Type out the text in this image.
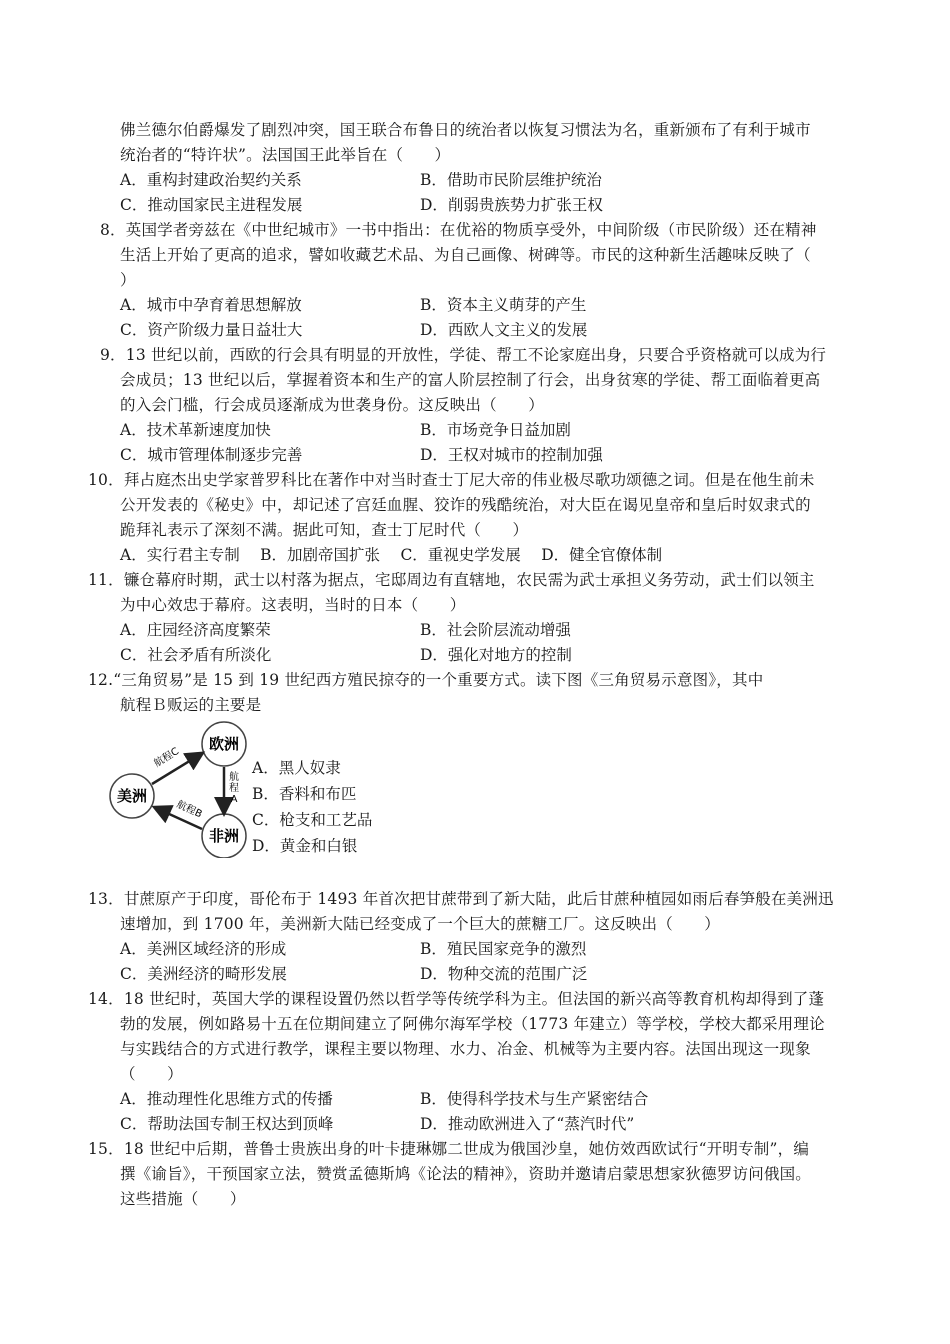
佛兰德尔伯爵爆发了剧烈冲突，国王联合布鲁日的统治者以恢复习惯法为名，重新颁布了有利于城市
统治者的“特许状”。法国国王此举旨在（　　）
A．重构封建政治契约关系	B．借助市民阶层维护统治
C．推动国家民主进程发展	D．削弱贵族势力扩张王权
8．英国学者旁兹在《中世纪城市》一书中指出：在优裕的物质享受外，中间阶级（市民阶级）还在精神
生活上开始了更高的追求，譬如收藏艺术品、为自己画像、树碑等。市民的这种新生活趣味反映了（
）
A．城市中孕育着思想解放	B．资本主义萌芽的产生
C．资产阶级力量日益壮大	D．西欧人文主义的发展
9．13 世纪以前，西欧的行会具有明显的开放性，学徒、帮工不论家庭出身，只要合乎资格就可以成为行
会成员；13 世纪以后，掌握着资本和生产的富人阶层控制了行会，出身贫寒的学徒、帮工面临着更高
的入会门槛，行会成员逐渐成为世袭身份。这反映出（　　）
A．技术革新速度加快	B．市场竞争日益加剧
C．城市管理体制逐步完善	D．王权对城市的控制加强
10．拜占庭杰出史学家普罗科比在著作中对当时查士丁尼大帝的伟业极尽歌功颂德之词。但是在他生前未
公开发表的《秘史》中，却记述了宫廷血腥、狡诈的残酷统治，对大臣在谒见皇帝和皇后时奴隶式的
跪拜礼表示了深刻不满。据此可知，查士丁尼时代（　　）
A．实行君主专制　 B．加剧帝国扩张　 C．重视史学发展　 D．健全官僚体制
11．镰仓幕府时期，武士以村落为据点，宅邸周边有直辖地，农民需为武士承担义务劳动，武士们以领主
为中心效忠于幕府。这表明，当时的日本（　　）
A．庄园经济高度繁荣	B．社会阶层流动增强
C．社会矛盾有所淡化	D．强化对地方的控制
12.“三角贸易”是 15 到 19 世纪西方殖民掠夺的一个重要方式。读下图《三角贸易示意图》，其中
航程Ｂ贩运的主要是
欧洲
美洲
非洲
航
程
A
航程B
航程C	A．黑人奴隶
B．香料和布匹
C．枪支和工艺品
D．黄金和白银
13．甘蔗原产于印度，哥伦布于 1493 年首次把甘蔗带到了新大陆，此后甘蔗种植园如雨后春笋般在美洲迅
速增加，到 1700 年，美洲新大陆已经变成了一个巨大的蔗糖工厂。这反映出（　　）
A．美洲区域经济的形成	B．殖民国家竞争的激烈
C．美洲经济的畸形发展	D．物种交流的范围广泛
14．18 世纪时，英国大学的课程设置仍然以哲学等传统学科为主。但法国的新兴高等教育机构却得到了蓬
勃的发展，例如路易十五在位期间建立了阿佛尔海军学校（1773 年建立）等学校，学校大都采用理论
与实践结合的方式进行教学，课程主要以物理、水力、冶金、机械等为主要内容。法国出现这一现象
（　　）
A．推动理性化思维方式的传播	B．使得科学技术与生产紧密结合
C．帮助法国专制王权达到顶峰	D．推动欧洲进入了“蒸汽时代”
15．18 世纪中后期，普鲁士贵族出身的叶卡捷琳娜二世成为俄国沙皇，她仿效西欧试行“开明专制”，编
撰《谕旨》，干预国家立法，赞赏孟德斯鸠《论法的精神》，资助并邀请启蒙思想家狄德罗访问俄国。
这些措施（　　）
